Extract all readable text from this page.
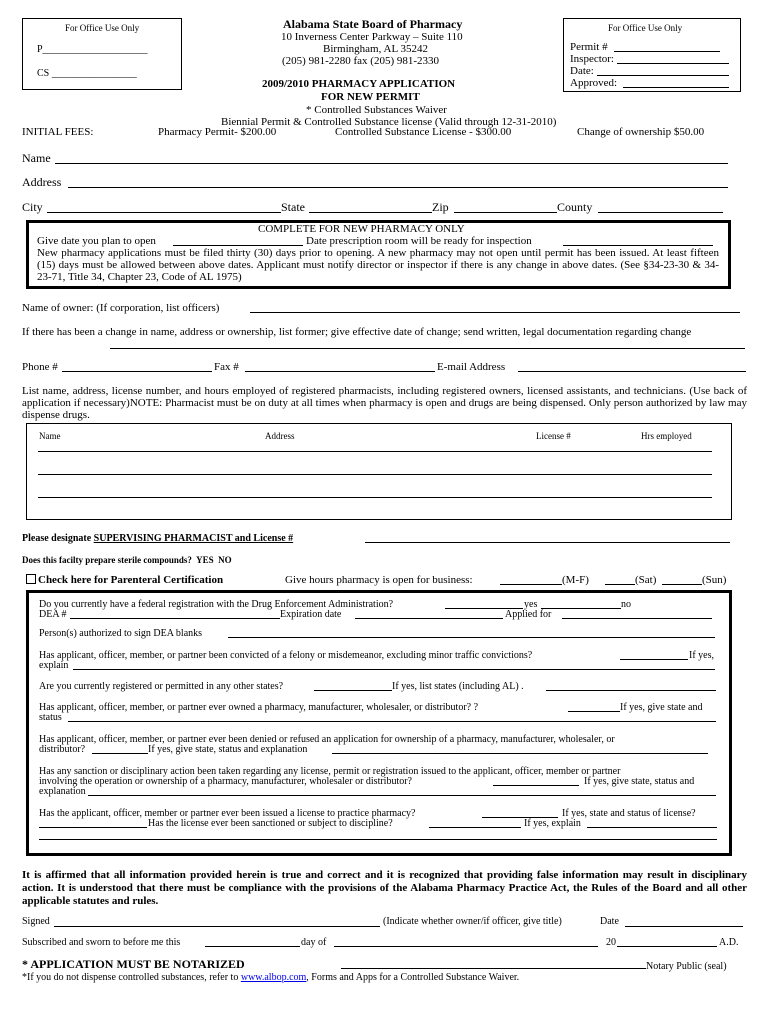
For Office Use Only
P_____________________
CS _________________
Alabama State Board of Pharmacy
10 Inverness Center Parkway – Suite 110
Birmingham, AL 35242
(205) 981-2280 fax (205) 981-2330
2009/2010 PHARMACY APPLICATION
FOR NEW PERMIT
* Controlled Substances Waiver
Biennial Permit & Controlled Substance license (Valid through 12-31-2010)
For Office Use Only
Permit #
Inspector:
Date:
Approved:
INITIAL FEES:	Pharmacy Permit- $200.00	Controlled Substance License - $300.00	Change of ownership $50.00
Name
Address
City	State	Zip	County
COMPLETE FOR NEW PHARMACY ONLY
Give date you plan to open	Date prescription room will be ready for inspection
New pharmacy applications must be filed thirty (30) days prior to opening. A new pharmacy may not open until permit has been issued. At least fifteen (15) days must be allowed between above dates. Applicant must notify director or inspector if there is any change in above dates. (See §34-23-30 & 34-23-71, Title 34, Chapter 23, Code of AL 1975)
Name of owner: (If corporation, list officers)
If there has been a change in name, address or ownership, list former; give effective date of change; send written, legal documentation regarding change
Phone #	Fax #	E-mail Address
List name, address, license number, and hours employed of registered pharmacists, including registered owners, licensed assistants, and technicians. (Use back of application if necessary)NOTE: Pharmacist must be on duty at all times when pharmacy is open and drugs are being dispensed. Only person authorized by law may dispense drugs.
Name	Address	License #	Hrs employed
Please designate SUPERVISING PHARMACIST and License #
Does this facilty prepare sterile compounds? YES NO
Check here for Parenteral Certification	Give hours pharmacy is open for business:	(M-F)	(Sat)	(Sun)
Do you currently have a federal registration with the Drug Enforcement Administration?	yes	no
DEA #	Expiration date	Applied for
Person(s) authorized to sign DEA blanks
Has applicant, officer, member, or partner been convicted of a felony or misdemeanor, excluding minor traffic convictions?	If yes,
explain
Are you currently registered or permitted in any other states?	If yes, list states (including AL) .
Has applicant, officer, member, or partner ever owned a pharmacy, manufacturer, wholesaler, or distributor? ?	If yes, give state and
status
Has applicant, officer, member, or partner ever been denied or refused an application for ownership of a pharmacy, manufacturer, wholesaler, or
distributor?	If yes, give state, status and explanation
Has any sanction or disciplinary action been taken regarding any license, permit or registration issued to the applicant, officer, member or partner
involving the operation or ownership of a pharmacy, manufacturer, wholesaler or distributor?	If yes, give state, status and
explanation
Has the applicant, officer, member or partner ever been issued a license to practice pharmacy?	If yes, state and status of license?
Has the license ever been sanctioned or subject to discipline?	If yes, explain
It is affirmed that all information provided herein is true and correct and it is recognized that providing false information may result in disciplinary action. It is understood that there must be compliance with the provisions of the Alabama Pharmacy Practice Act, the Rules of the Board and all other applicable statutes and rules.
Signed	(Indicate whether owner/if officer, give title)	Date
Subscribed and sworn to before me this	day of	20	A.D.
* APPLICATION MUST BE NOTARIZED	Notary Public (seal)
*If you do not dispense controlled substances, refer to www.albop.com, Forms and Apps for a Controlled Substance Waiver.
